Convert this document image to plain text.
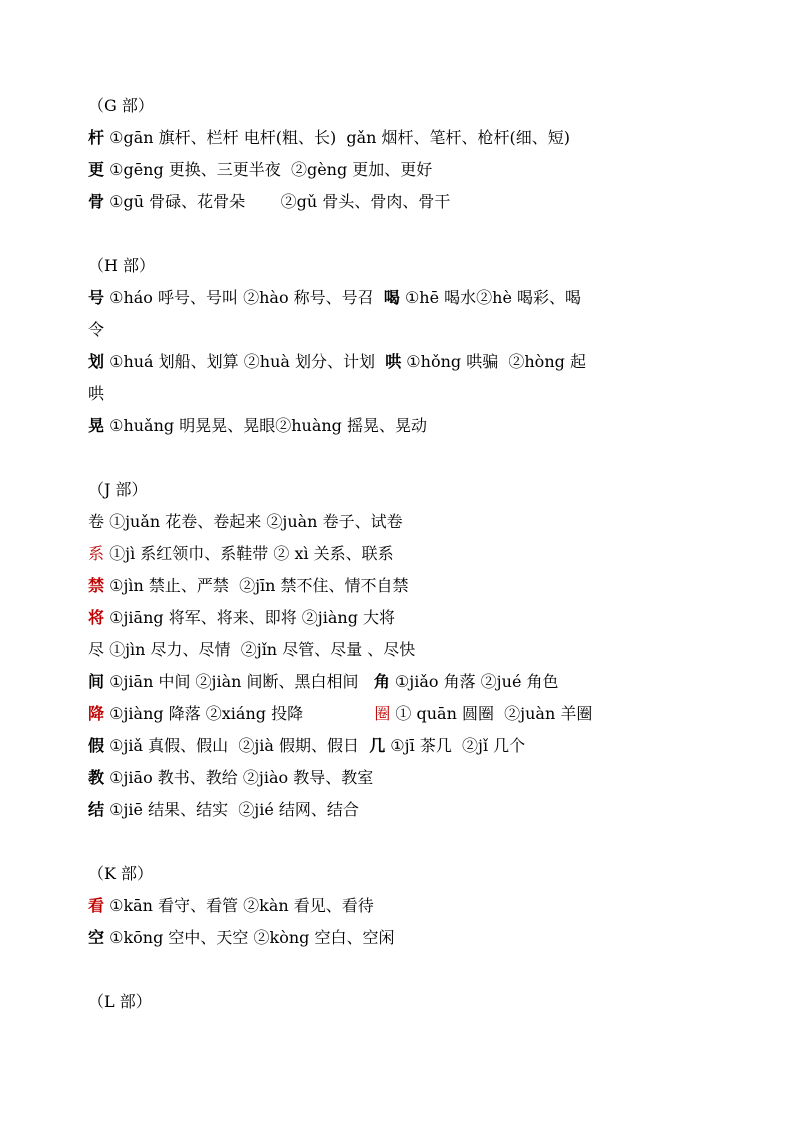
（G 部）
杆 ①gān 旗杆、栏杆 电杆(粗、长)  gǎn 烟杆、笔杆、枪杆(细、短)
更 ①gēng 更换、三更半夜  ②gèng 更加、更好
骨 ①gū 骨碌、花骨朵       ②gǔ 骨头、骨肉、骨干
（H 部）
号 ①háo 呼号、号叫 ②hào 称号、号召  喝 ①hē 喝水②hè 喝彩、喝
令
划 ①huá 划船、划算 ②huà 划分、计划  哄 ①hǒng 哄骗  ②hòng 起
哄
晃 ①huǎng 明晃晃、晃眼②huàng 摇晃、晃动
（J 部）
卷 ①juǎn 花卷、卷起来 ②juàn 卷子、试卷
系 ①jì 系红领巾、系鞋带 ② xì 关系、联系
禁 ①jìn 禁止、严禁  ②jīn 禁不住、情不自禁
将 ①jiāng 将军、将来、即将 ②jiàng 大将
尽 ①jìn 尽力、尽情  ②jǐn 尽管、尽量 、尽快
间 ①jiān 中间 ②jiàn 间断、黑白相间   角 ①jiǎo 角落 ②jué 角色
降 ①jiàng 降落 ②xiáng 投降              圈 ① quān 圆圈  ②juàn 羊圈
假 ①jiǎ 真假、假山  ②jià 假期、假日  几 ①jī 茶几  ②jǐ 几个
教 ①jiāo 教书、教给 ②jiào 教导、教室
结 ①jiē 结果、结实  ②jié 结网、结合
（K 部）
看 ①kān 看守、看管 ②kàn 看见、看待
空 ①kōng 空中、天空 ②kòng 空白、空闲
（L 部）
